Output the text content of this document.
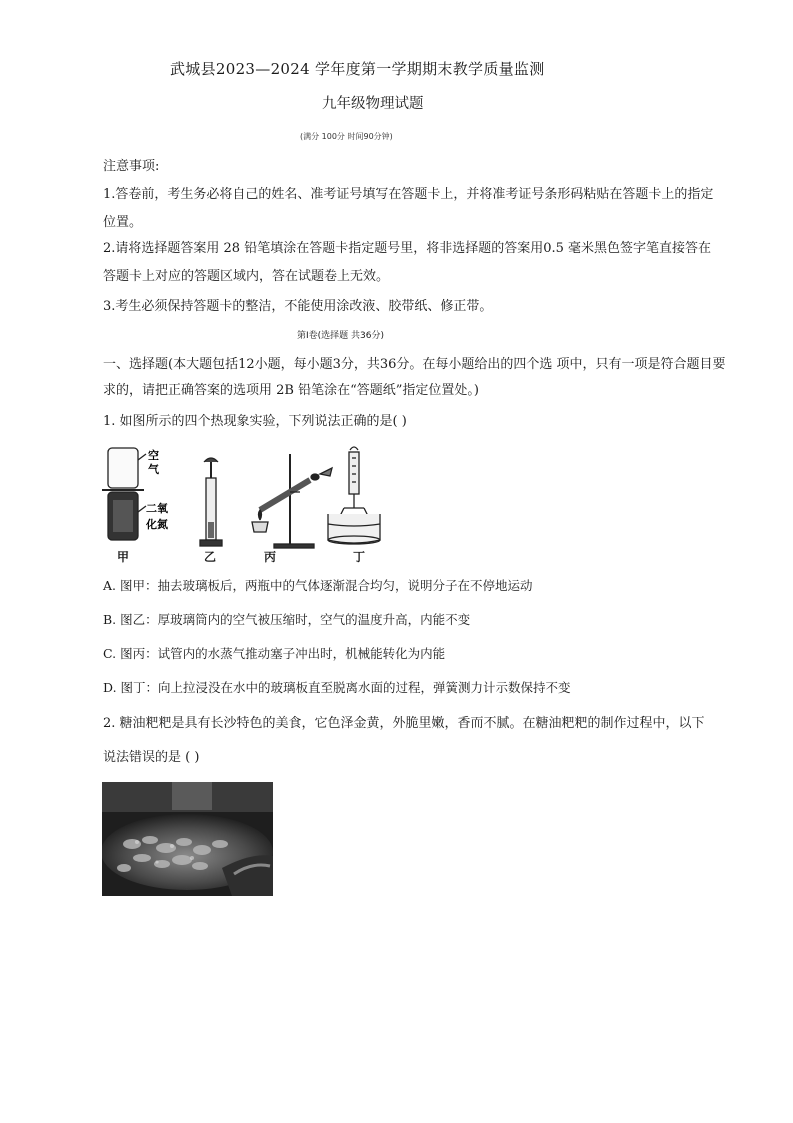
武城县2023—2024 学年度第一学期期末教学质量监测
九年级物理试题
(满分 100分 时间90分钟)
注意事项:
1.答卷前，考生务必将自己的姓名、准考证号填写在答题卡上，并将准考证号条形码粘贴在答题卡上的指定
位置。
2.请将选择题答案用 28 铅笔填涂在答题卡指定题号里，将非选择题的答案用0.5 毫米黑色签字笔直接答在
答题卡上对应的答题区域内，答在试题卷上无效。
3.考生必须保持答题卡的整洁，不能使用涂改液、胶带纸、修正带。
第Ⅰ卷(选择题 共36分)
一、选择题(本大题包括12小题，每小题3分，共36分。在每小题给出的四个选 项中，只有一项是符合题目要
求的，请把正确答案的选项用 2B 铅笔涂在“答题纸”指定位置处。)
1. 如图所示的四个热现象实验，下列说法正确的是( )
空
气
二氧
化氮
甲	乙	丙	丁
A. 图甲：抽去玻璃板后，两瓶中的气体逐渐混合均匀，说明分子在不停地运动
B. 图乙：厚玻璃筒内的空气被压缩时，空气的温度升高，内能不变
C. 图丙：试管内的水蒸气推动塞子冲出时，机械能转化为内能
D. 图丁：向上拉浸没在水中的玻璃板直至脱离水面的过程，弹簧测力计示数保持不变
2. 糖油粑粑是具有长沙特色的美食，它色泽金黄，外脆里嫩，香而不腻。在糖油粑粑的制作过程中，以下
说法错误的是 ( )
